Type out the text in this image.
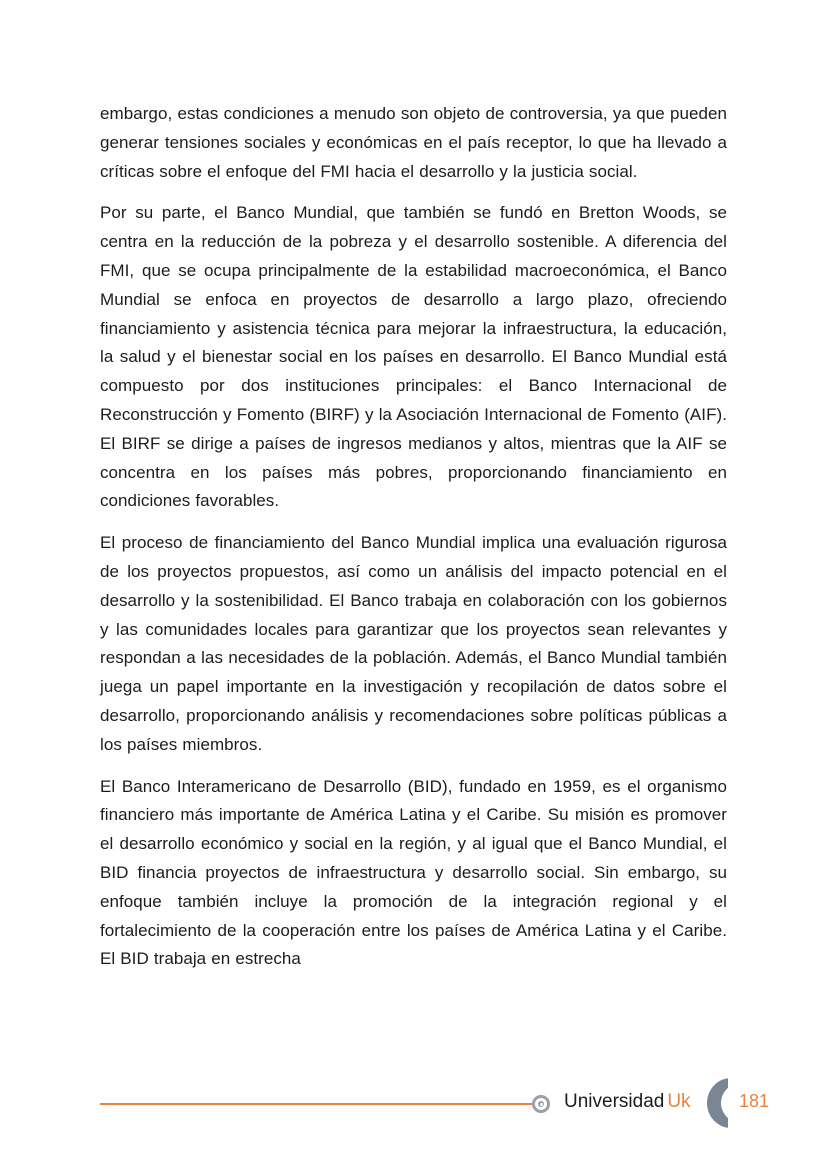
embargo, estas condiciones a menudo son objeto de controversia, ya que pueden generar tensiones sociales y económicas en el país receptor, lo que ha llevado a críticas sobre el enfoque del FMI hacia el desarrollo y la justicia social.

Por su parte, el Banco Mundial, que también se fundó en Bretton Woods, se centra en la reducción de la pobreza y el desarrollo sostenible. A diferencia del FMI, que se ocupa principalmente de la estabilidad macroeconómica, el Banco Mundial se enfoca en proyectos de desarrollo a largo plazo, ofreciendo financiamiento y asistencia técnica para mejorar la infraestructura, la educación, la salud y el bienestar social en los países en desarrollo. El Banco Mundial está compuesto por dos instituciones principales: el Banco Internacional de Reconstrucción y Fomento (BIRF) y la Asociación Internacional de Fomento (AIF). El BIRF se dirige a países de ingresos medianos y altos, mientras que la AIF se concentra en los países más pobres, proporcionando financiamiento en condiciones favorables.

El proceso de financiamiento del Banco Mundial implica una evaluación rigurosa de los proyectos propuestos, así como un análisis del impacto potencial en el desarrollo y la sostenibilidad. El Banco trabaja en colaboración con los gobiernos y las comunidades locales para garantizar que los proyectos sean relevantes y respondan a las necesidades de la población. Además, el Banco Mundial también juega un papel importante en la investigación y recopilación de datos sobre el desarrollo, proporcionando análisis y recomendaciones sobre políticas públicas a los países miembros.

El Banco Interamericano de Desarrollo (BID), fundado en 1959, es el organismo financiero más importante de América Latina y el Caribe. Su misión es promover el desarrollo económico y social en la región, y al igual que el Banco Mundial, el BID financia proyectos de infraestructura y desarrollo social. Sin embargo, su enfoque también incluye la promoción de la integración regional y el fortalecimiento de la cooperación entre los países de América Latina y el Caribe. El BID trabaja en estrecha

Universidad Uk	181
